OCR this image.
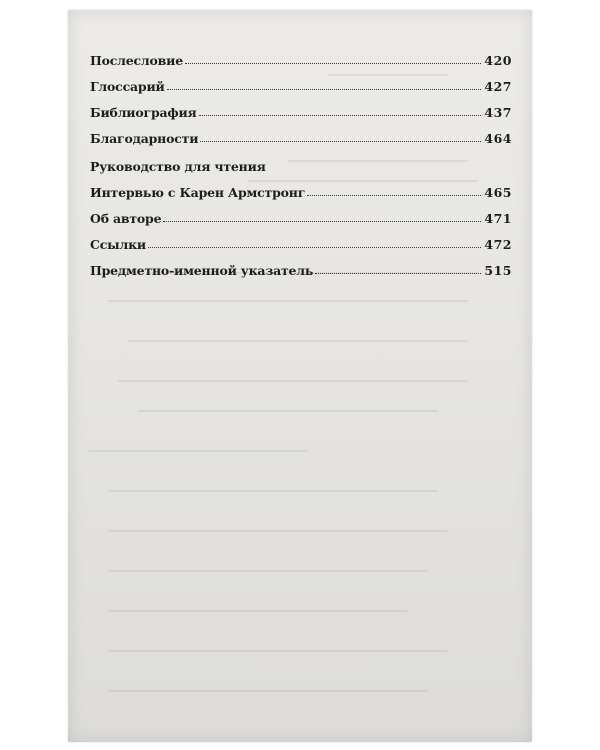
Послесловие	420
Глоссарий	427
Библиография	437
Благодарности	464
Руководство для чтения
Интервью с Карен Армстронг	465
Об авторе	471
Ссылки	472
Предметно-именной указатель	515
